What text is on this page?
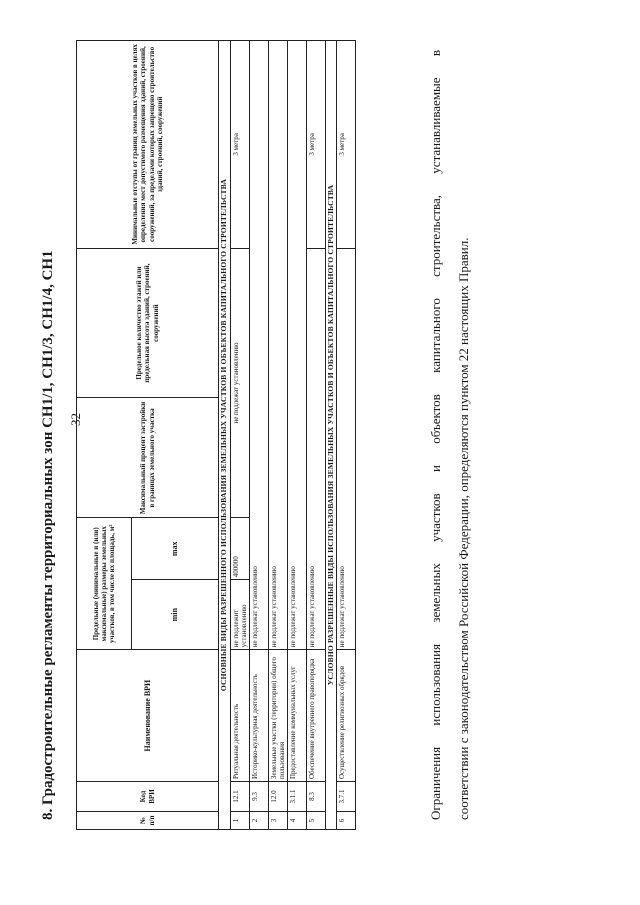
32
8. Градостроительные регламенты территориальных зон СН1/1, СН1/3, СН1/4, СН1
№ п/п	Код ВРИ	Наименование ВРИ	Предельные (минимальные и (или) максимальные) размеры земельных участков, в том числе их площадь, м²		Максимальный процент застройки в границах земельного участка	Предельное количество этажей или предельная высота зданий, строений, сооружений	Минимальные отступы от границ земельных участков в целях определения мест допустимого размещения зданий, строений, сооружений, за пределами которых запрещено строительство зданий, строений, сооружений
			min	max			
ОСНОВНЫЕ ВИДЫ РАЗРЕШЕННОГО ИСПОЛЬЗОВАНИЯ ЗЕМЕЛЬНЫХ УЧАСТКОВ И ОБЪЕКТОВ КАПИТАЛЬНОГО СТРОИТЕЛЬСТВА							
1	12.1	Ритуальная деятельность	не подлежит установлению	400000	не подлежат установлению		3 метра
2	9.3	Историко-культурная деятельность	не подлежат установлению				
3	12.0	Земельные участки (территории) общего пользования	не подлежат установлению				
4	3.1.1	Предоставление коммунальных услуг	не подлежат установлению				
5	8.3	Обеспечение внутреннего правопорядка	не подлежат установлению				3 метра
УСЛОВНО РАЗРЕШЕННЫЕ ВИДЫ ИСПОЛЬЗОВАНИЯ ЗЕМЕЛЬНЫХ УЧАСТКОВ И ОБЪЕКТОВ КАПИТАЛЬНОГО СТРОИТЕЛЬСТВА							
6	3.7.1	Осуществление религиозных обрядов	не подлежат установлению				3 метра	Ограничения использования земельных участков и объектов капитального строительства, устанавливаемые в	соответствии с законодательством Российской Федерации, определяются пунктом 22 настоящих Правил.
